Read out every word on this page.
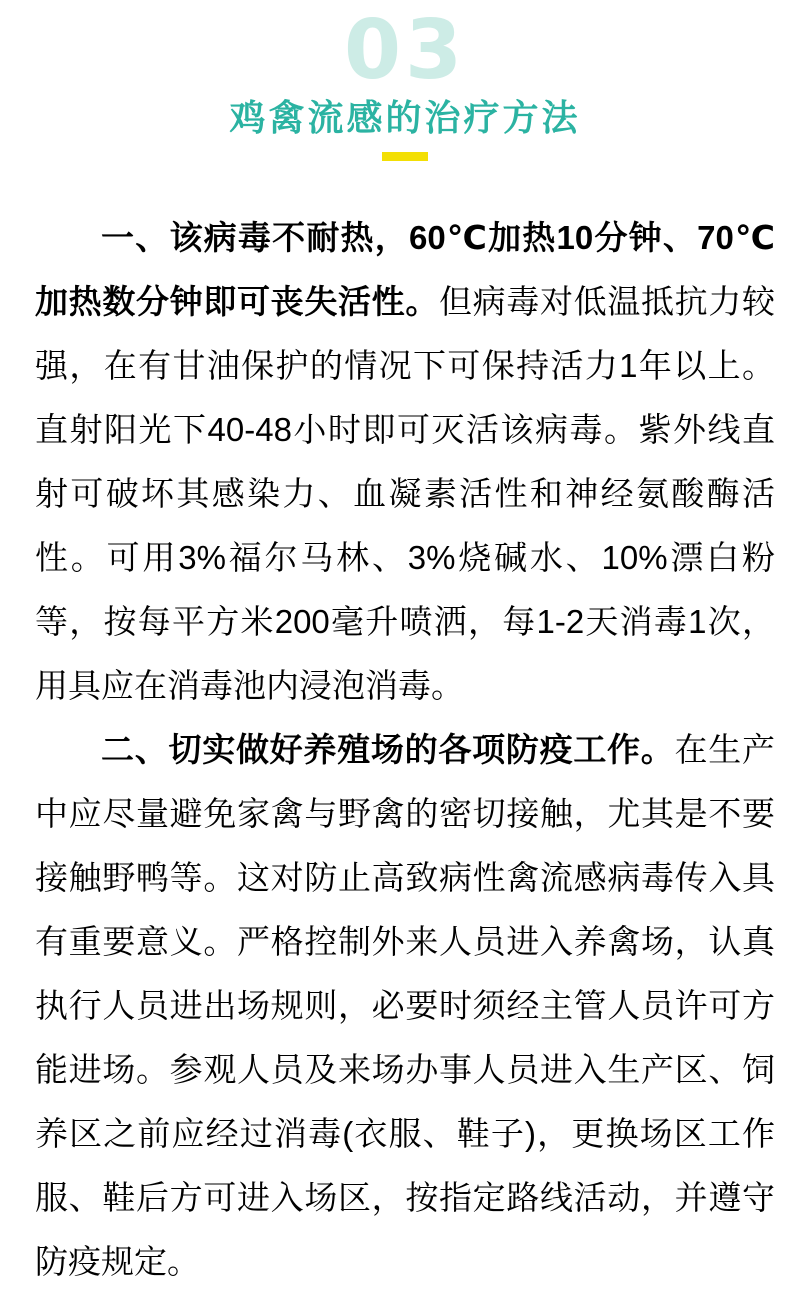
03
鸡禽流感的治疗方法

一、该病毒不耐热，60℃加热10分钟、70℃加热数分钟即可丧失活性。但病毒对低温抵抗力较强，在有甘油保护的情况下可保持活力1年以上。直射阳光下40-48小时即可灭活该病毒。紫外线直射可破坏其感染力、血凝素活性和神经氨酸酶活性。可用3%福尔马林、3%烧碱水、10%漂白粉等，按每平方米200毫升喷洒，每1-2天消毒1次，用具应在消毒池内浸泡消毒。

二、切实做好养殖场的各项防疫工作。在生产中应尽量避免家禽与野禽的密切接触，尤其是不要接触野鸭等。这对防止高致病性禽流感病毒传入具有重要意义。严格控制外来人员进入养禽场，认真执行人员进出场规则，必要时须经主管人员许可方能进场。参观人员及来场办事人员进入生产区、饲养区之前应经过消毒(衣服、鞋子)，更换场区工作服、鞋后方可进入场区，按指定路线活动，并遵守防疫规定。
